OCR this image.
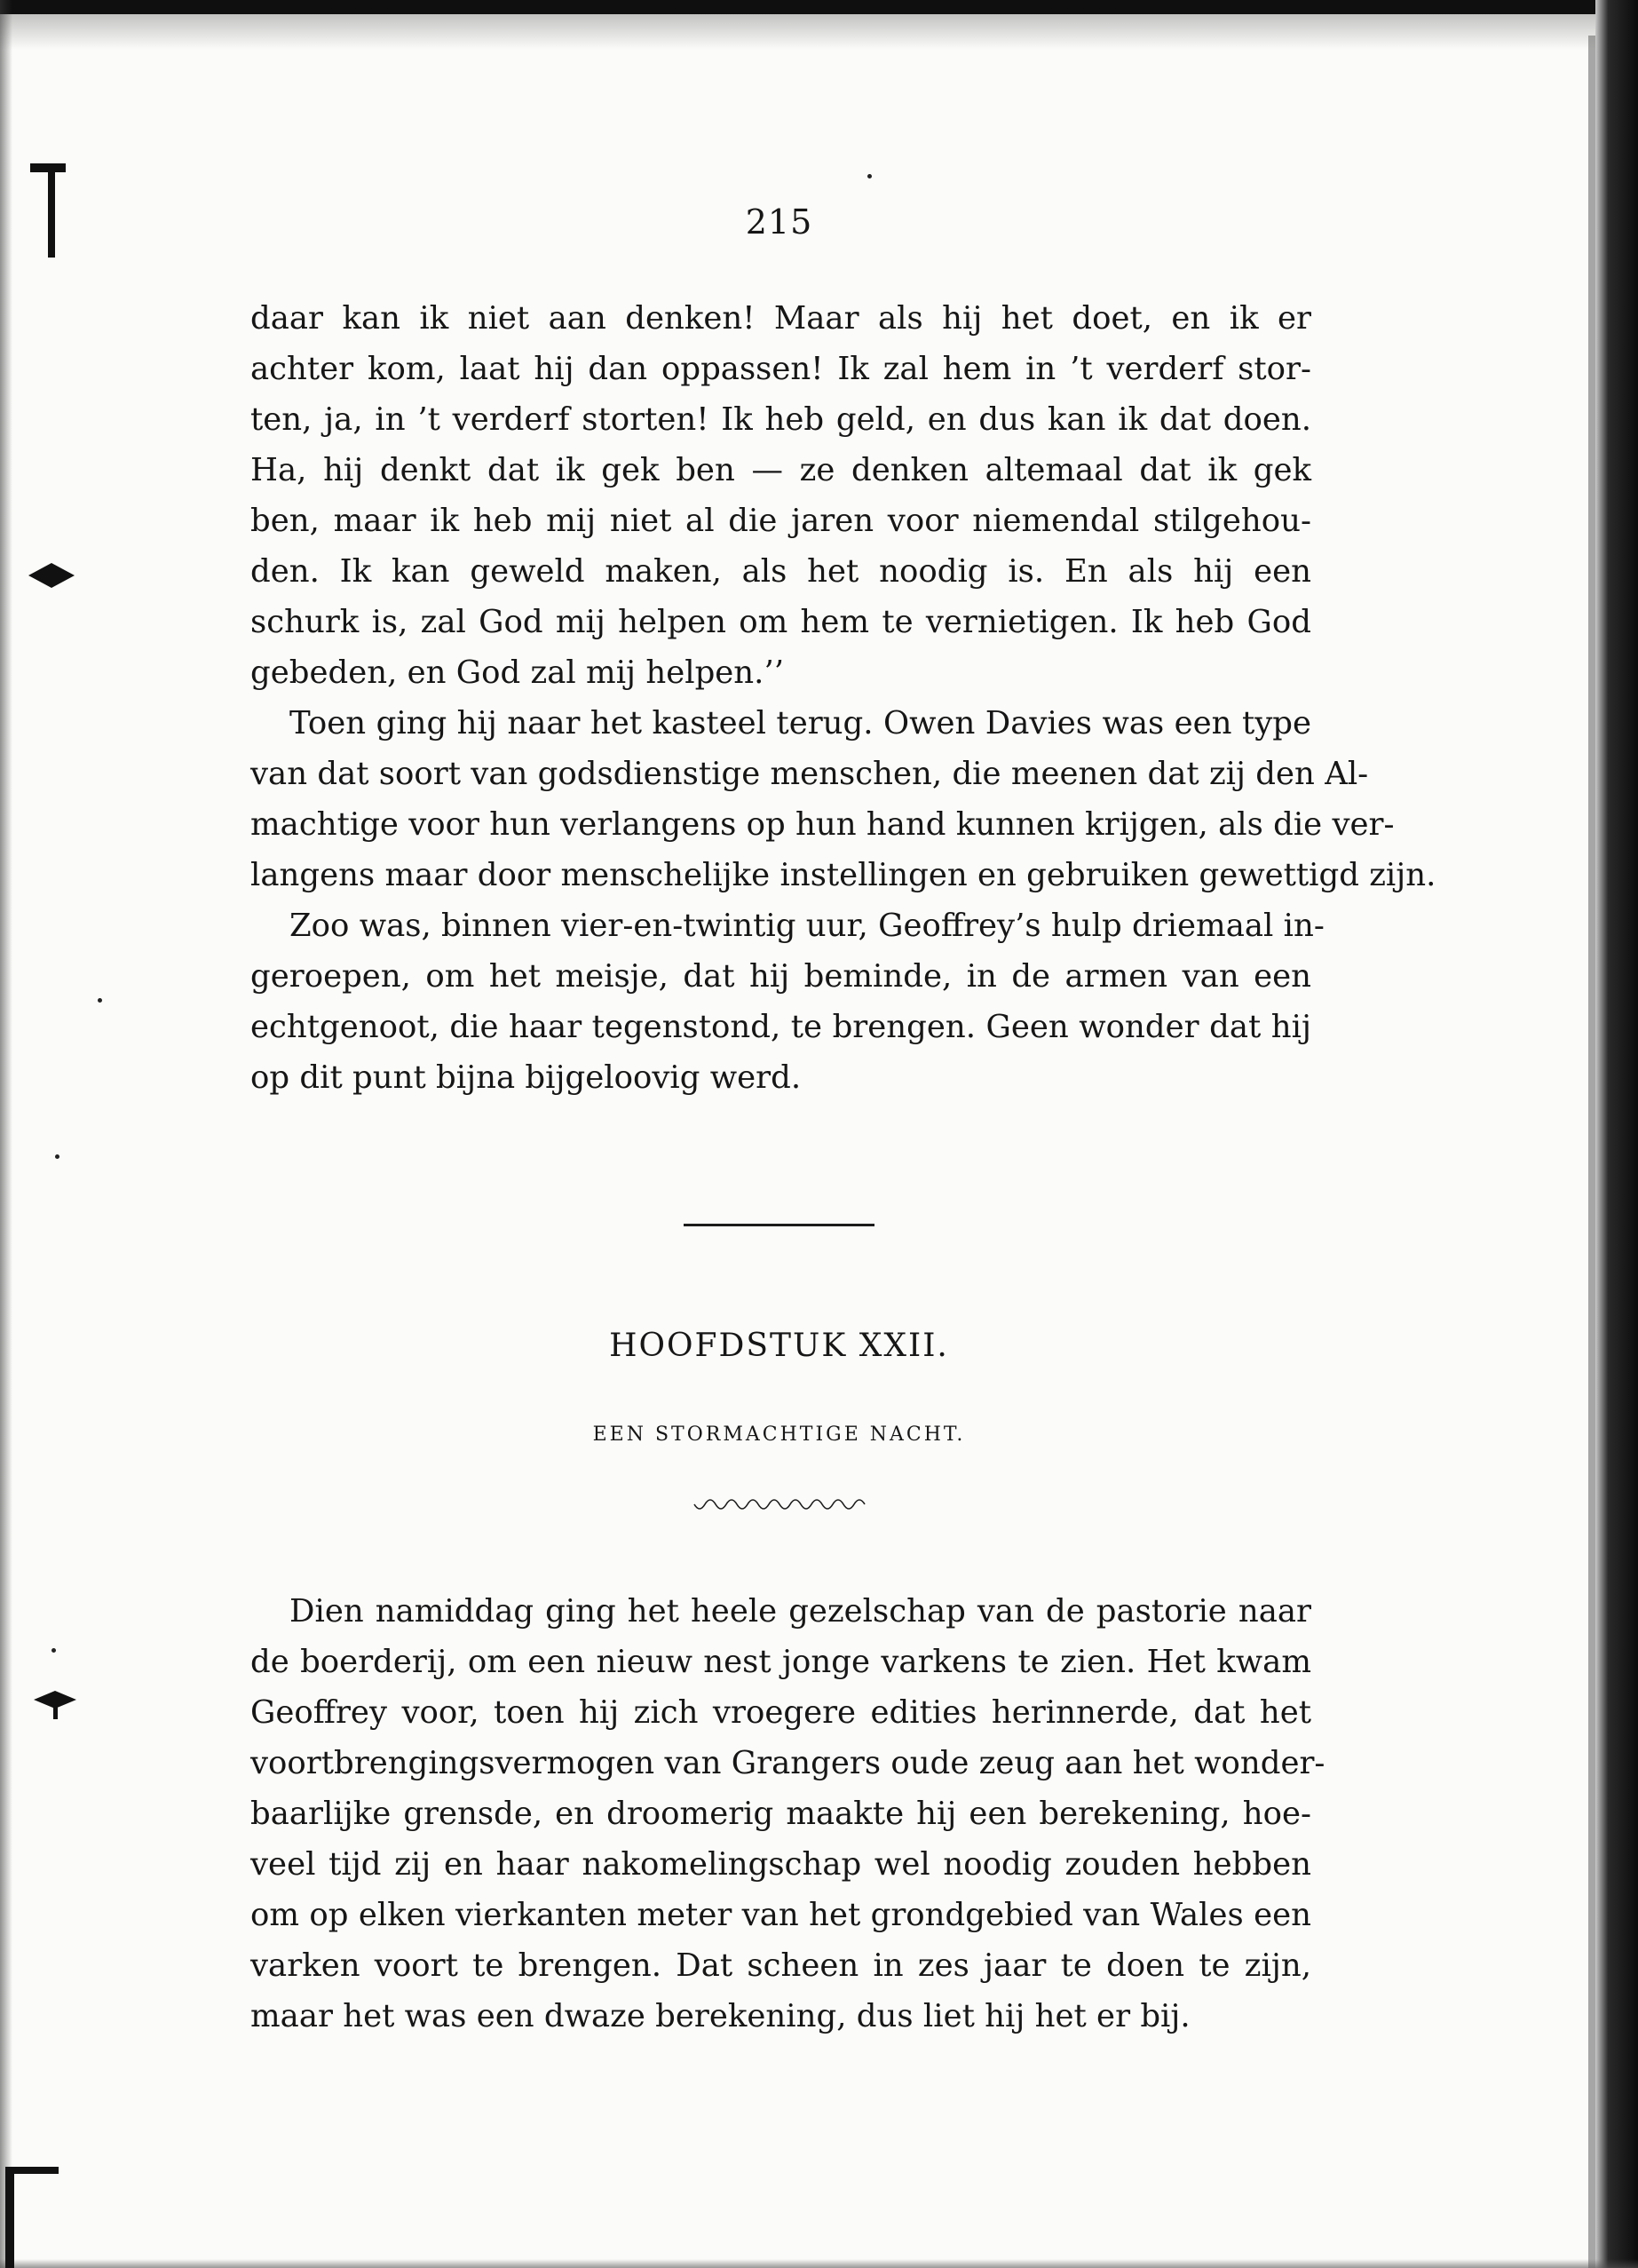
215
daar kan ik niet aan denken! Maar als hij het doet, en ik er
achter kom, laat hij dan oppassen! Ik zal hem in ’t verderf stor-
ten, ja, in ’t verderf storten! Ik heb geld, en dus kan ik dat doen.
Ha, hij denkt dat ik gek ben — ze denken altemaal dat ik gek
ben, maar ik heb mij niet al die jaren voor niemendal stilgehou-
den. Ik kan geweld maken, als het noodig is. En als hij een
schurk is, zal God mij helpen om hem te vernietigen. Ik heb God
gebeden, en God zal mij helpen.’’
Toen ging hij naar het kasteel terug. Owen Davies was een type
van dat soort van godsdienstige menschen, die meenen dat zij den Al-
machtige voor hun verlangens op hun hand kunnen krijgen, als die ver-
langens maar door menschelijke instellingen en gebruiken gewettigd zijn.
Zoo was, binnen vier-en-twintig uur, Geoffrey’s hulp driemaal in-
geroepen, om het meisje, dat hij beminde, in de armen van een
echtgenoot, die haar tegenstond, te brengen. Geen wonder dat hij
op dit punt bijna bijgeloovig werd.
HOOFDSTUK XXII.
EEN STORMACHTIGE NACHT.
Dien namiddag ging het heele gezelschap van de pastorie naar
de boerderij, om een nieuw nest jonge varkens te zien. Het kwam
Geoffrey voor, toen hij zich vroegere edities herinnerde, dat het
voortbrengingsvermogen van Grangers oude zeug aan het wonder-
baarlijke grensde, en droomerig maakte hij een berekening, hoe-
veel tijd zij en haar nakomelingschap wel noodig zouden hebben
om op elken vierkanten meter van het grondgebied van Wales een
varken voort te brengen. Dat scheen in zes jaar te doen te zijn,
maar het was een dwaze berekening, dus liet hij het er bij.
